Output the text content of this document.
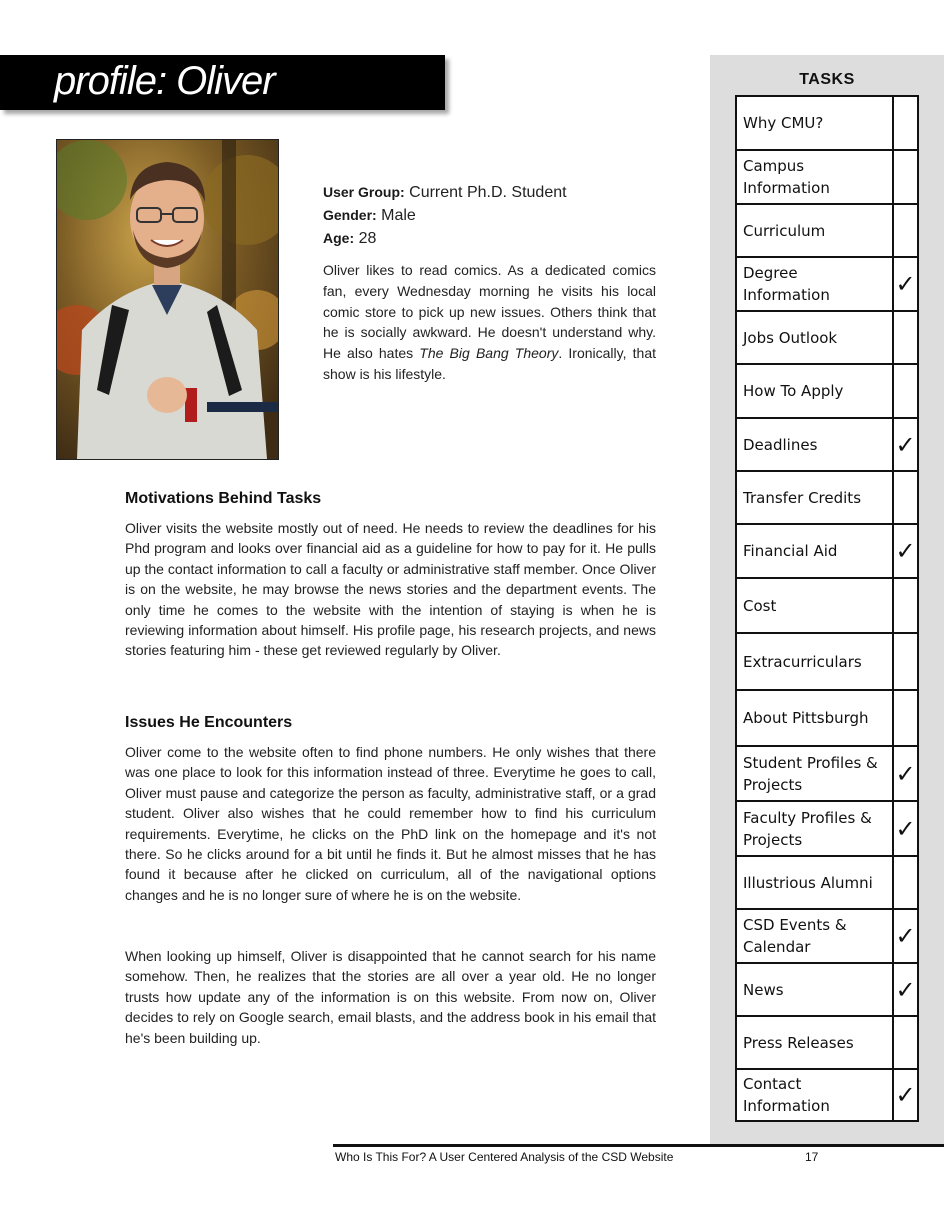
profile: Oliver
User Group: Current Ph.D. Student
Gender: Male
Age: 28
Oliver likes to read comics. As a dedicated comics fan, every Wednesday morning he visits his local comic store to pick up new issues. Others think that he is socially awkward. He doesn't understand why. He also hates The Big Bang Theory. Ironically, that show is his lifestyle.
Motivations Behind Tasks
Oliver visits the website mostly out of need. He needs to review the deadlines for his Phd program and looks over financial aid as a guideline for how to pay for it. He pulls up the contact information to call a faculty or administrative staff member. Once Oliver is on the website, he may browse the news stories and the department events. The only time he comes to the website with the intention of staying is when he is reviewing information about himself. His profile page, his research projects, and news stories featuring him - these get reviewed regularly by Oliver.
Issues He Encounters
Oliver come to the website often to find phone numbers. He only wishes that there was one place to look for this information instead of three. Everytime he goes to call, Oliver must pause and categorize the person as faculty, administrative staff, or a grad student. Oliver also wishes that he could remember how to find his curriculum requirements. Everytime, he clicks on the PhD link on the homepage and it's not there. So he clicks around for a bit until he finds it. But he almost misses that he has found it because after he clicked on curriculum, all of the navigational options changes and he is no longer sure of where he is on the website.
When looking up himself, Oliver is disappointed that he cannot search for his name somehow. Then, he realizes that the stories are all over a year old. He no longer trusts how update any of the information is on this website. From now on, Oliver decides to rely on Google search, email blasts, and the address book in his email that he's been building up.
TASKS
Why CMU?	
Campus Information	
Curriculum	
Degree Information	✓
Jobs Outlook	
How To Apply	
Deadlines	✓
Transfer Credits	
Financial Aid	✓
Cost	
Extracurriculars	
About Pittsburgh	
Student Profiles & Projects	✓
Faculty Profiles & Projects	✓
Illustrious Alumni	
CSD Events & Calendar	✓
News	✓
Press Releases	
Contact Information	✓
Who Is This For? A User Centered Analysis of the CSD Website	17
